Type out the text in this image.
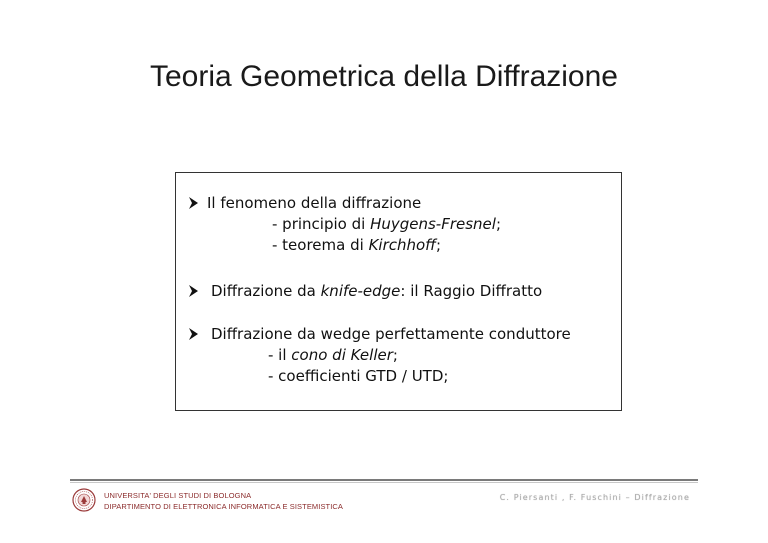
Teoria Geometrica della Diffrazione
Il fenomeno della diffrazione
- principio di Huygens-Fresnel;
- teorema di Kirchhoff;
Diffrazione da knife-edge: il Raggio Diffratto
Diffrazione da wedge perfettamente conduttore
- il cono di Keller;
- coefficienti GTD / UTD;
UNIVERSITA' DEGLI STUDI DI BOLOGNA
DIPARTIMENTO DI ELETTRONICA INFORMATICA E SISTEMISTICA
C. Piersanti , F. Fuschini – Diffrazione
